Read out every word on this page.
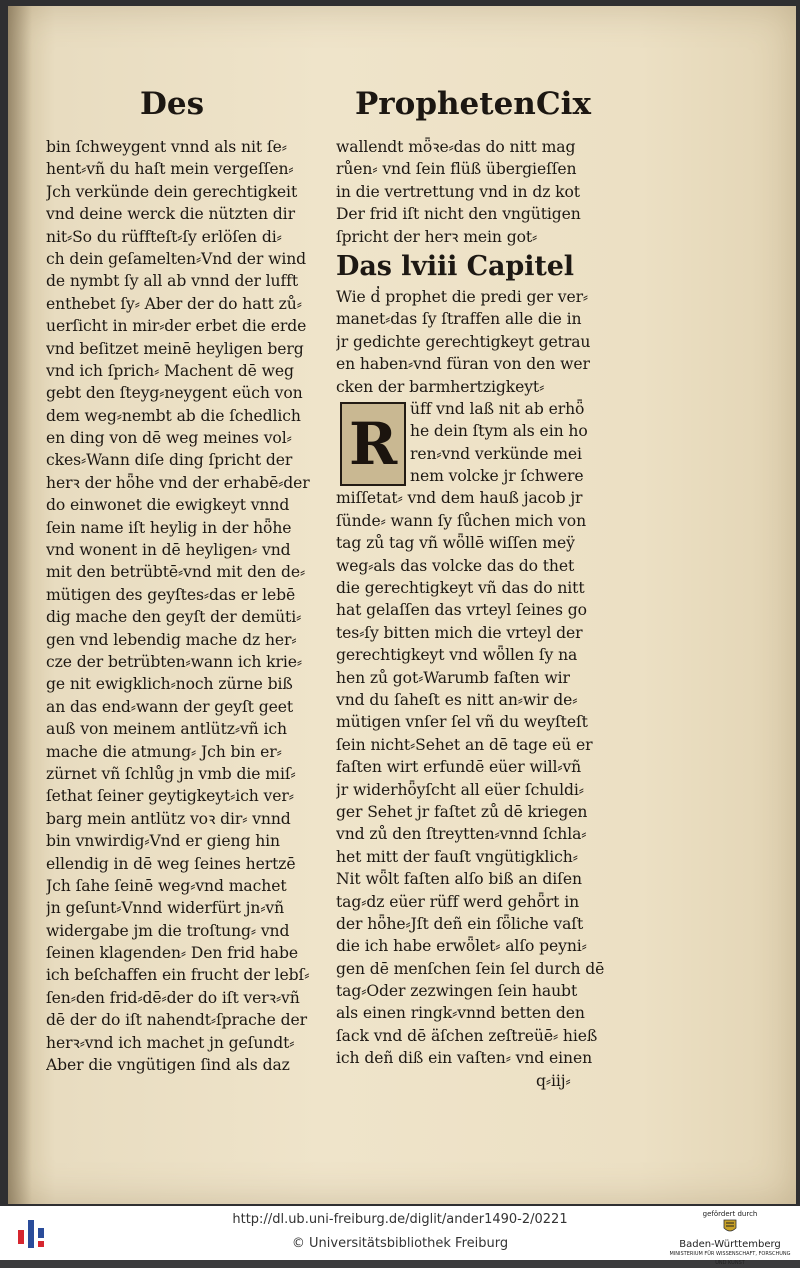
Des	Propheten Cix
bin ſchweygent vnnd als nit ſe⸗
hent⸗vñ du haſt mein vergeſſen⸗
Jch verkünde dein gerechtigkeit
vnd deine werck die nützten dir
nit⸗So du rüffteſt⸗ſy erlöſen di⸗
ch dein geſamelten⸗Vnd der wind
de nymbt ſy all ab vnnd der lufft
enthebet ſy⸗ Aber der do hatt zů⸗
uerſicht in mir⸗der erbet die erde
vnd beſitzet meinē heyligen berg
vnd ich ſprich⸗ Machent dē weg
gebt den ſteyg⸗neygent eüch von
dem weg⸗nembt ab die ſchedlich
en ding von dē weg meines vol⸗
ckes⸗Wann diſe ding ſpricht der
herꝛ der hȫhe vnd der erhabē⸗der
do einwonet die ewigkeyt vnnd
ſein name iſt heylig in der hȫhe
vnd wonent in dē heyligen⸗ vnd
mit den betrübtē⸗vnd mit den de⸗
mütigen des geyſtes⸗das er lebē
dig mache den geyſt der demüti⸗
gen vnd lebendig mache dz her⸗
cze der betrübten⸗wann ich krie⸗
ge nit ewigklich⸗noch zürne biß
an das end⸗wann der geyſt geet
auß von meinem antlütz⸗vñ ich
mache die atmung⸗ Jch bin er⸗
zürnet vñ ſchlůg jn vmb die miſ⸗
ſethat ſeiner geytigkeyt⸗ich ver⸗
barg mein antlütz voꝛ dir⸗ vnnd
bin vnwirdig⸗Vnd er gieng hin
ellendig in dē weg ſeines hertzē
Jch ſahe ſeinē weg⸗vnd machet
jn geſunt⸗Vnnd widerfürt jn⸗vñ
widergabe jm die troſtung⸗ vnd
ſeinen klagenden⸗ Den frid habe
ich beſchaffen ein frucht der lebſ⸗
ſen⸗den frid⸗dē⸗der do iſt verꝛ⸗vñ
dē der do iſt nahendt⸗ſprache der
herꝛ⸗vnd ich machet jn geſundt⸗
Aber die vngütigen ſind als daz
wallendt mȫꝛe⸗das do nitt mag
růen⸗ vnd ſein flüß übergieſſen
in die vertrettung vnd in dz kot
Der frid iſt nicht den vngütigen
ſpricht der herꝛ mein got⸗
Das lviii Capitel
Wie d̓ prophet die predi ger ver⸗
manet⸗das ſy ſtraffen alle die in
jr gedichte gerechtigkeyt getrau
en haben⸗vnd füran von den wer
cken der barmhertzigkeyt⸗
R
üff vnd laß nit ab erhȫ
he dein ſtym als ein ho
ren⸗vnd verkünde mei
nem volcke jr ſchwere
miſſetat⸗ vnd dem hauß jacob jr
ſünde⸗ wann ſy ſůchen mich von
tag zů tag vñ wȫllē wiſſen meÿ
weg⸗als das volcke das do thet
die gerechtigkeyt vñ das do nitt
hat gelaſſen das vrteyl ſeines go
tes⸗ſy bitten mich die vrteyl der
gerechtigkeyt vnd wȫllen ſy na
hen zů got⸗Warumb faſten wir
vnd du ſaheſt es nitt an⸗wir de⸗
mütigen vnſer ſel vñ du weyſteſt
ſein nicht⸗Sehet an dē tage eü er
faſten wirt erfundē eüer will⸗vñ
jr widerhȫyſcht all eüer ſchuldi⸗
ger Sehet jr faſtet zů dē kriegen
vnd zů den ſtreytten⸗vnnd ſchla⸗
het mitt der fauſt vngütigklich⸗
Nit wȫlt faſten alſo biß an diſen
tag⸗dz eüer rüff werd gehȫrt in
der hȫhe⸗Jſt deñ ein ſȫliche vaſt
die ich habe erwȫlet⸗ alſo peyni⸗
gen dē menſchen ſein ſel durch dē
tag⸗Oder zezwingen ſein haubt
als einen ringk⸗vnnd betten den
ſack vnd dē äſchen zeſtreüē⸗ hieß
ich deñ diß ein vaſten⸗ vnd einen
q⸗iij⸗
http://dl.ub.uni-freiburg.de/diglit/ander1490-2/0221
© Universitätsbibliothek Freiburg
gefördert durch
Baden-Württemberg
MINISTERIUM FÜR WISSENSCHAFT, FORSCHUNG UND KUNST
